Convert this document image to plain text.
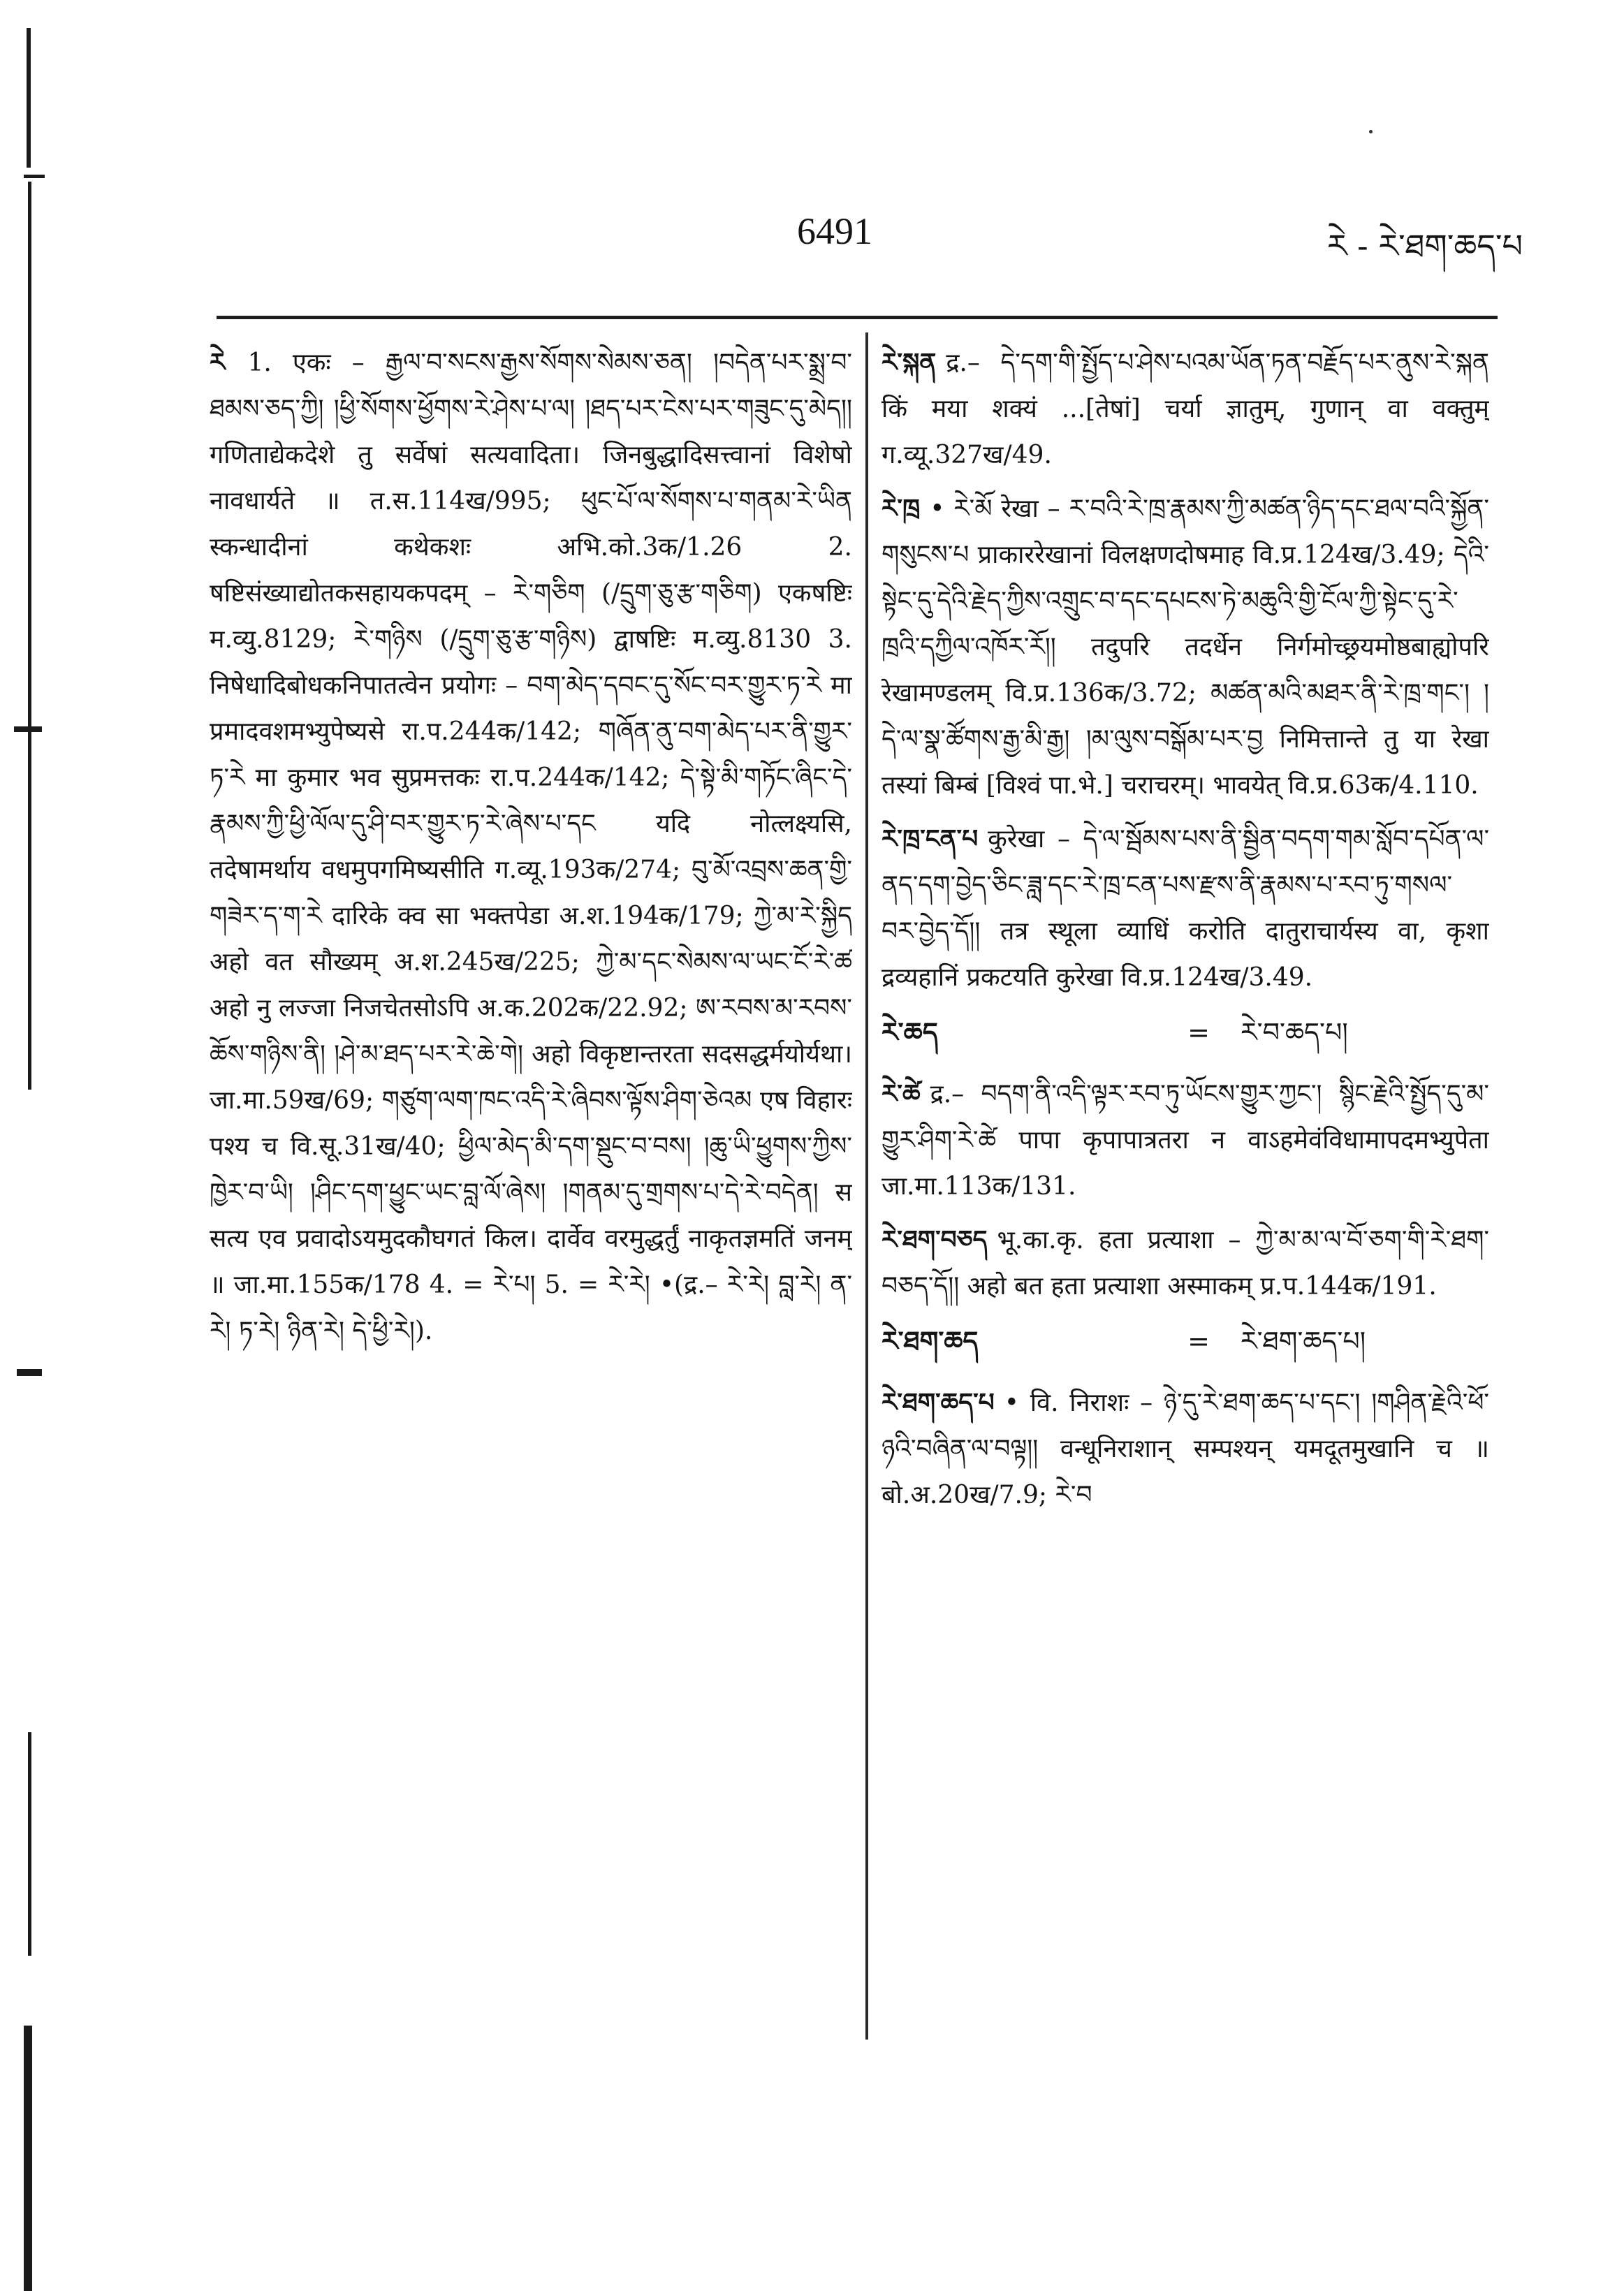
6491	རེ - རེ་ཐག་ཆད་པ

རེ 1. एकः – རྒྱལ་བ་སངས་རྒྱས་སོགས་སེམས་ཅན། །བདེན་པར་སྨྲ་བ་ཐམས་ཅད་ཀྱི། །ཕྱི་སོགས་ཕྱོགས་རེ་ཤེས་པ་ལ། །ཐད་པར་ངེས་པར་གཟུང་དུ་མེད།། गणिताद्येकदेशे तु सर्वेषां सत्यवादिता। जिनबुद्धादिसत्त्वानां विशेषो नावधार्यते ॥ त.स.114ख/995; ཕུང་པོ་ལ་སོགས་པ་གནམ་རེ་ཡིན स्कन्धादीनां कथेकशः अभि.को.3क/1.26 2. षष्टिसंख्याद्योतकसहायकपदम् – རེ་གཅིག (/དྲུག་ཅུ་རྩ་གཅིག) एकषष्टिः म.व्यु.8129; རེ་གཉིས (/དྲུག་ཅུ་རྩ་གཉིས) द्वाषष्टिः म.व्यु.8130 3. निषेधादिबोधकनिपातत्वेन प्रयोगः – བག་མེད་དབང་དུ་སོང་བར་གྱུར་ཏ་རེ मा प्रमादवशमभ्युपेष्यसे रा.प.244क/142; གཞོན་ནུ་བག་མེད་པར་ནི་གྱུར་ཏ་རེ मा कुमार भव सुप्रमत्तकः रा.प.244क/142; དེ་སྟེ་མི་གཏོང་ཞིང་དེ་རྣམས་ཀྱི་ཕྱི་ལོལ་དུ་ཤི་བར་གྱུར་ཏ་རེ་ཞེས་པ་དང यदि नोत्लक्ष्यसि, तदेषामर्थाय वधमुपगमिष्यसीति ग.व्यू.193क/274; བུ་མོ་འབྲས་ཆན་གྱི་གཟེར་ད་ག་རེ दारिके क्व सा भक्तपेडा अ.श.194क/179; ཀྱེ་མ་རེ་སྐྱིད अहो वत सौख्यम् अ.श.245ख/225; ཀྱེ་མ་དང་སེམས་ལ་ཡང་ངོ་རེ་ཚ अहो नु लज्जा निजचेतसोऽपि अ.क.202क/22.92; ཨ་རབས་མ་རབས་ཆོས་གཉིས་ནི། །ཤེ་མ་ཐད་པར་རེ་ཆེ་གེ། अहो विकृष्टान्तरता सदसद्धर्मयोर्यथा। जा.मा.59ख/69; གཙུག་ལག་ཁང་འདི་རེ་ཞིབས་ལྟོས་ཤིག་ཅེའམ एष विहारः पश्य च वि.सू.31ख/40; ཕྱིལ་མེད་མི་དག་སྡུང་བ་བས། །ཆུ་ཡི་ཕྱུགས་ཀྱིས་ཁྱེར་བ་ཡི། །ཤིང་དག་ཕྱུང་ཡང་བླ་ལོ་ཞེས། །གནམ་དུ་གྲགས་པ་དེ་རེ་བདེན། स सत्य एव प्रवादोऽयमुदकौघगतं किल। दार्वेव वरमुद्धर्तुं नाकृतज्ञमतिं जनम् ॥ जा.मा.155क/178 4. = རེ་པ། 5. = རེ་རེ། •(द्र.– རེ་རེ། བླ་རེ། ན་རེ། ཏ་རེ། ཉིན་རེ། དེ་ཕྱི་རེ།).

རེ་སྐན द्र.– དེ་དག་གི་སྤྱོད་པ་ཤེས་པའམ་ཡོན་ཏན་བརྗོད་པར་ནུས་རེ་སྐན किं मया शक्यं ...[तेषां] चर्या ज्ञातुम्, गुणान् वा वक्तुम् ग.व्यू.327ख/49.

རེ་ཁྲ • རེ་མོ रेखा – ར་བའི་རེ་ཁྲ་རྣམས་ཀྱི་མཚན་ཉིད་དང་ཐལ་བའི་སྐྱོན་གསུངས་པ प्राकाररेखानां विलक्षणदोषमाह वि.प्र.124ख/3.49; དེའི་སྟེང་དུ་དེའི་རྗེད་ཀྱིས་འགྲུང་བ་དང་དཔངས་ཏེ་མཆུའི་གྱི་ངོལ་ཀྱི་སྟེང་དུ་རེ་ཁྲའི་དཀྱིལ་འཁོར་རོ།། तदुपरि तदर्धेन निर्गमोच्छ्रयमोष्ठबाह्योपरि रेखामण्डलम् वि.प्र.136क/3.72; མཚན་མའི་མཐར་ནི་རེ་ཁྲ་གང་། །དེ་ལ་སྣ་ཚོགས་རྒྱ་མི་རྒྱ། །མ་ལུས་བསྒོམ་པར་བྱ निमित्तान्ते तु या रेखा तस्यां बिम्बं [विश्वं पा.भे.] चराचरम्। भावयेत् वि.प्र.63क/4.110.

རེ་ཁྲ་ངན་པ कुरेखा – དེ་ལ་སྦོམས་པས་ནི་སྦྱིན་བདག་གམ་སློབ་དཔོན་ལ་ནད་དག་བྱེད་ཅིང་ཟླ་དང་རེ་ཁྲ་ངན་པས་རྫས་ནི་རྣམས་པ་རབ་ཏུ་གསལ་བར་བྱེད་དོ།། तत्र स्थूला व्याधिं करोति दातुराचार्यस्य वा, कृशा द्रव्यहानिं प्रकटयति कुरेखा वि.प्र.124ख/3.49.

རེ་ཆད	=	རེ་བ་ཆད་པ།

རེ་ཚེ द्र.– བདག་ནི་འདི་ལྟར་རབ་ཏུ་ཡོངས་གྱུར་ཀྱང་། སྙིང་རྗེའི་སྤྱོད་དུ་མ་གྱུར་ཤིག་རེ་ཚེ पापा कृपापात्रतरा न वाऽहमेवंविधामापदमभ्युपेता जा.मा.113क/131.

རེ་ཐག་བཅད भू.का.कृ. हता प्रत्याशा – ཀྱེ་མ་མ་ལ་བོ་ཅག་གི་རེ་ཐག་བཅད་དོ།། अहो बत हता प्रत्याशा अस्माकम् प्र.प.144क/191.

རེ་ཐག་ཆད	=	རེ་ཐག་ཆད་པ།

རེ་ཐག་ཆད་པ • वि. निराशः – ཉེ་དུ་རེ་ཐག་ཆད་པ་དང་། །གཤིན་རྗེའི་ཕོ་ཉའི་བཞིན་ལ་བལྟ།། वन्धूनिराशान् सम्पश्यन् यमदूतमुखानि च ॥ बो.अ.20ख/7.9; རེ་བ
